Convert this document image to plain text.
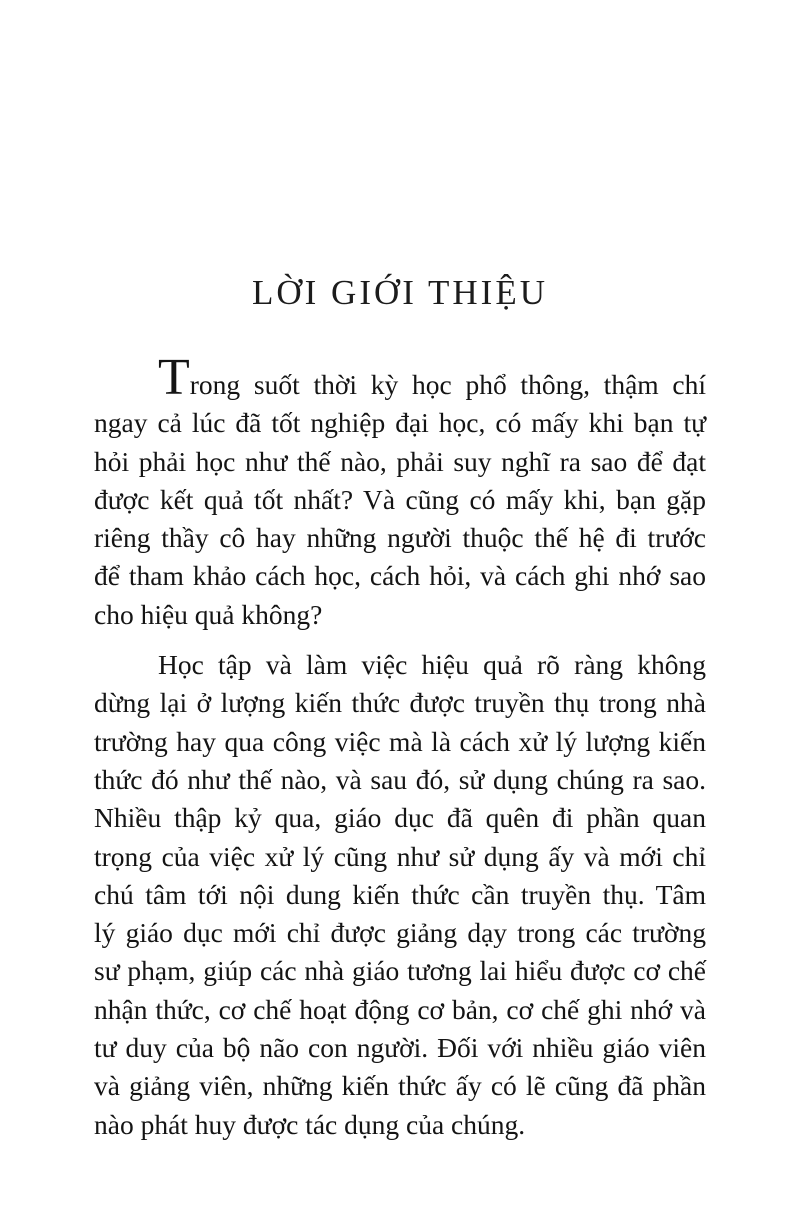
LỜI GIỚI THIỆU
Trong suốt thời kỳ học phổ thông, thậm chí
ngay cả lúc đã tốt nghiệp đại học, có mấy khi bạn tự
hỏi phải học như thế nào, phải suy nghĩ ra sao để đạt
được kết quả tốt nhất? Và cũng có mấy khi, bạn gặp
riêng thầy cô hay những người thuộc thế hệ đi trước
để tham khảo cách học, cách hỏi, và cách ghi nhớ sao
cho hiệu quả không?
Học tập và làm việc hiệu quả rõ ràng không
dừng lại ở lượng kiến thức được truyền thụ trong nhà
trường hay qua công việc mà là cách xử lý lượng kiến
thức đó như thế nào, và sau đó, sử dụng chúng ra sao.
Nhiều thập kỷ qua, giáo dục đã quên đi phần quan
trọng của việc xử lý cũng như sử dụng ấy và mới chỉ
chú tâm tới nội dung kiến thức cần truyền thụ. Tâm
lý giáo dục mới chỉ được giảng dạy trong các trường
sư phạm, giúp các nhà giáo tương lai hiểu được cơ chế
nhận thức, cơ chế hoạt động cơ bản, cơ chế ghi nhớ và
tư duy của bộ não con người. Đối với nhiều giáo viên
và giảng viên, những kiến thức ấy có lẽ cũng đã phần
nào phát huy được tác dụng của chúng.
